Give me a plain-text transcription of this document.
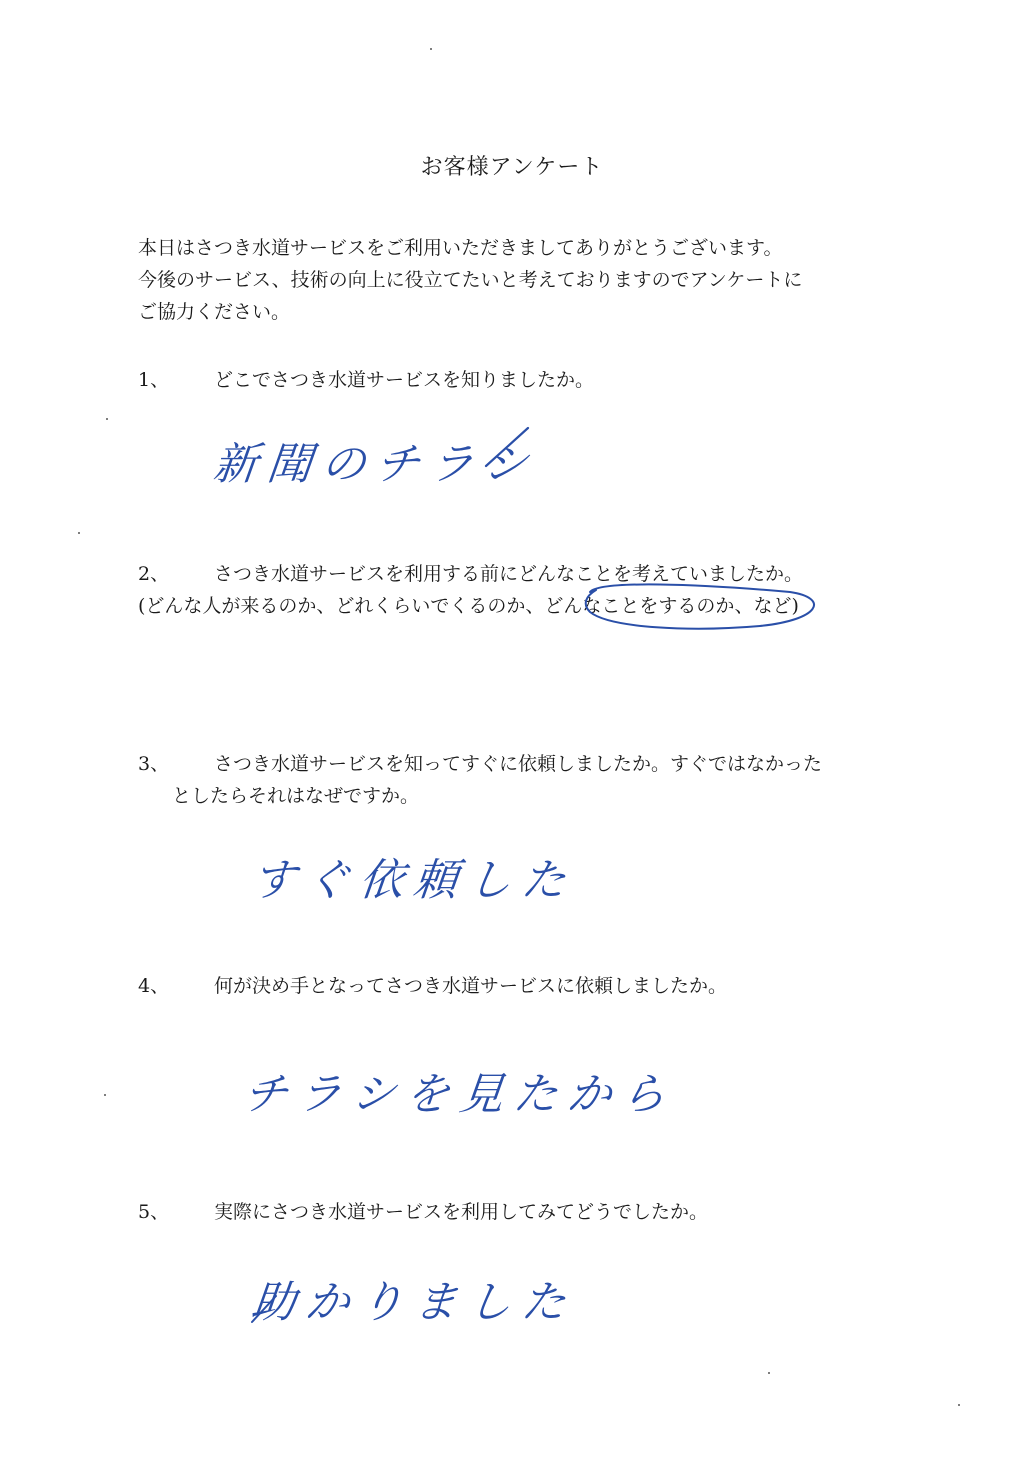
お客様アンケート
本日はさつき水道サービスをご利用いただきましてありがとうございます。
今後のサービス、技術の向上に役立てたいと考えておりますのでアンケートに
ご協力ください。
1、 どこでさつき水道サービスを知りましたか。
新聞のチラシ
2、 さつき水道サービスを利用する前にどんなことを考えていましたか。
(どんな人が来るのか、どれくらいでくるのか、どんなことをするのか、など)
3、 さつき水道サービスを知ってすぐに依頼しましたか。すぐではなかった
としたらそれはなぜですか。
すぐ依頼した
4、 何が決め手となってさつき水道サービスに依頼しましたか。
チラシを見たから
5、 実際にさつき水道サービスを利用してみてどうでしたか。
助かりました
